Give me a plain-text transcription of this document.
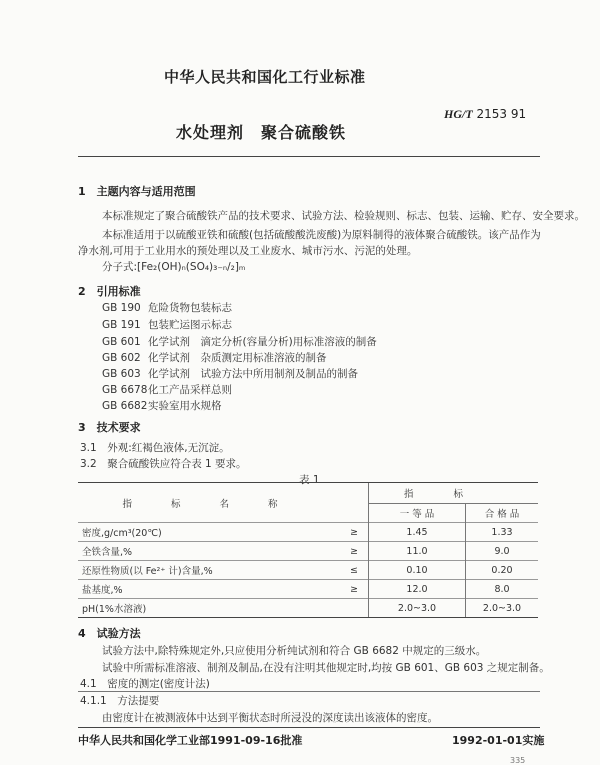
中华人民共和国化工行业标准
HG/T 2153 91
水处理剂　聚合硫酸铁
1　主题内容与适用范围
本标准规定了聚合硫酸铁产品的技术要求、试验方法、检验规则、标志、包装、运输、贮存、安全要求。
本标准适用于以硫酸亚铁和硫酸(包括硫酸酸洗废酸)为原料制得的液体聚合硫酸铁。该产品作为
净水剂,可用于工业用水的预处理以及工业废水、城市污水、污泥的处理。
分子式:[Fe₂(OH)ₙ(SO₄)₃₋ₙ/₂]ₘ
2　引用标准
GB 190 危险货物包装标志
GB 191 包装贮运图示标志
GB 601 化学试剂　滴定分析(容量分析)用标准溶液的制备
GB 602 化学试剂　杂质测定用标准溶液的制备
GB 603 化学试剂　试验方法中所用制剂及制品的制备
GB 6678化工产品采样总则
GB 6682实验室用水规格
3　技术要求
3.1　外观:红褐色液体,无沉淀。
3.2　聚合硫酸铁应符合表 1 要求。
表 1
指 标 名 称		指标	
		一 等 品	合 格 品
密度,g/cm³(20℃)	≥	1.45	1.33
全铁含量,%	≥	11.0	9.0
还原性物质(以 Fe²⁺ 计)含量,%	≤	0.10	0.20
盐基度,%	≥	12.0	8.0
pH(1%水溶液)		2.0~3.0	2.0~3.0
4　试验方法
试验方法中,除特殊规定外,只应使用分析纯试剂和符合 GB 6682 中规定的三级水。
试验中所需标准溶液、制剂及制品,在没有注明其他规定时,均按 GB 601、GB 603 之规定制备。
4.1　密度的测定(密度计法)
4.1.1　方法提要
由密度计在被测液体中达到平衡状态时所浸没的深度读出该液体的密度。
中华人民共和国化学工业部1991-09-16批准	1992-01-01实施
335
